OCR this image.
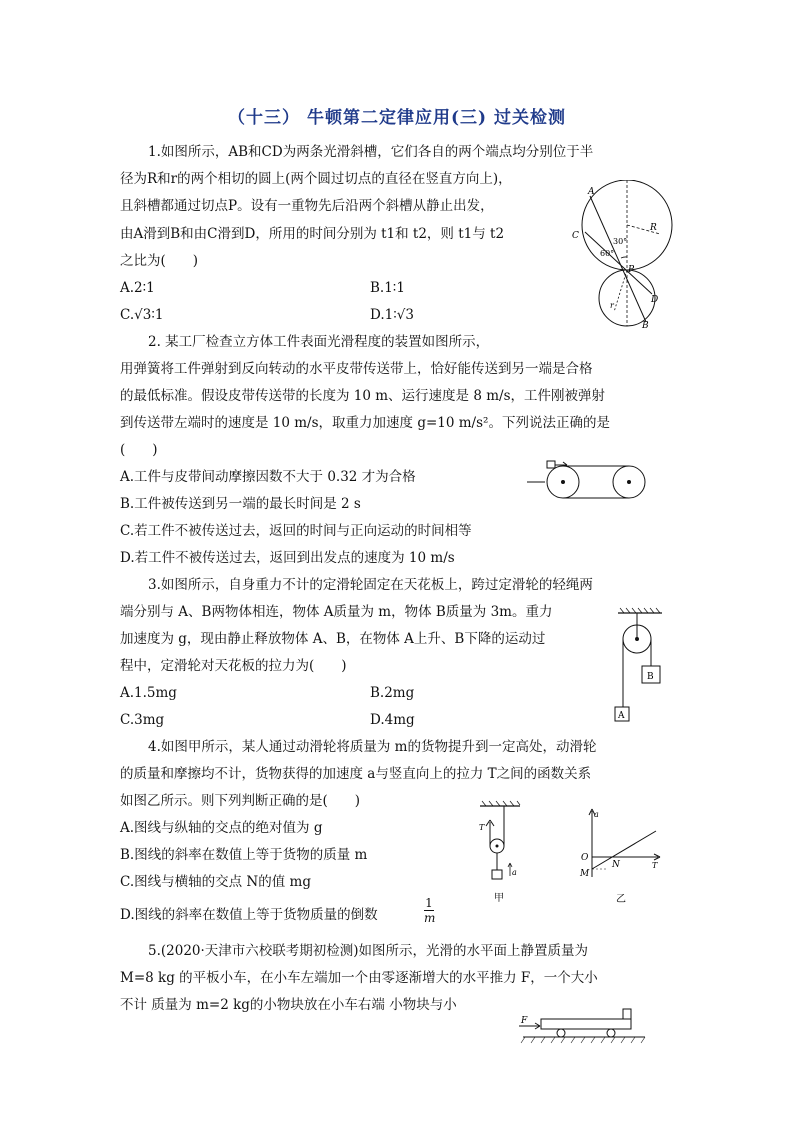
（十三） 牛顿第二定律应用(三) 过关检测
1.如图所示，AB和CD为两条光滑斜槽，它们各自的两个端点均分别位于半
径为R和r的两个相切的圆上(两个圆过切点的直径在竖直方向上)，
且斜槽都通过切点P。设有一重物先后沿两个斜槽从静止出发，
由A滑到B和由C滑到D，所用的时间分别为 t1和 t2，则 t1与 t2
之比为(　　)
A.2∶1	B.1∶1
C.√3∶1	D.1∶√3
A
C
R
30°
60°
P
r
D
B
2. 某工厂检查立方体工件表面光滑程度的装置如图所示，
用弹簧将工件弹射到反向转动的水平皮带传送带上，恰好能传送到另一端是合格
的最低标准。假设皮带传送带的长度为 10 m、运行速度是 8 m/s，工件刚被弹射
到传送带左端时的速度是 10 m/s，取重力加速度 g=10 m/s²。下列说法正确的是
(　　)
A.工件与皮带间动摩擦因数不大于 0.32 才为合格
B.工件被传送到另一端的最长时间是 2 s
C.若工件不被传送过去，返回的时间与正向运动的时间相等
D.若工件不被传送过去，返回到出发点的速度为 10 m/s
3.如图所示，自身重力不计的定滑轮固定在天花板上，跨过定滑轮的轻绳两
端分别与 A、B两物体相连，物体 A质量为 m，物体 B质量为 3m。重力
加速度为 g，现由静止释放物体 A、B，在物体 A上升、B下降的运动过
程中，定滑轮对天花板的拉力为(　　)
A.1.5mg	B.2mg
C.3mg	D.4mg
B
A
4.如图甲所示，某人通过动滑轮将质量为 m的货物提升到一定高处，动滑轮
的质量和摩擦均不计，货物获得的加速度 a与竖直向上的拉力 T之间的函数关系
如图乙所示。则下列判断正确的是(　　)
A.图线与纵轴的交点的绝对值为 g
B.图线的斜率在数值上等于货物的质量 m
C.图线与横轴的交点 N的值 mg
D.图线的斜率在数值上等于货物质量的倒数	$\frac{1}{m}$
T
a
甲
a
T
O
M
N
乙
5.(2020·天津市六校联考期初检测)如图所示，光滑的水平面上静置质量为
M=8 kg 的平板小车，在小车左端加一个由零逐渐增大的水平推力 F，一个大小
不计 质量为 m=2 kg的小物块放在小车右端 小物块与小
F
